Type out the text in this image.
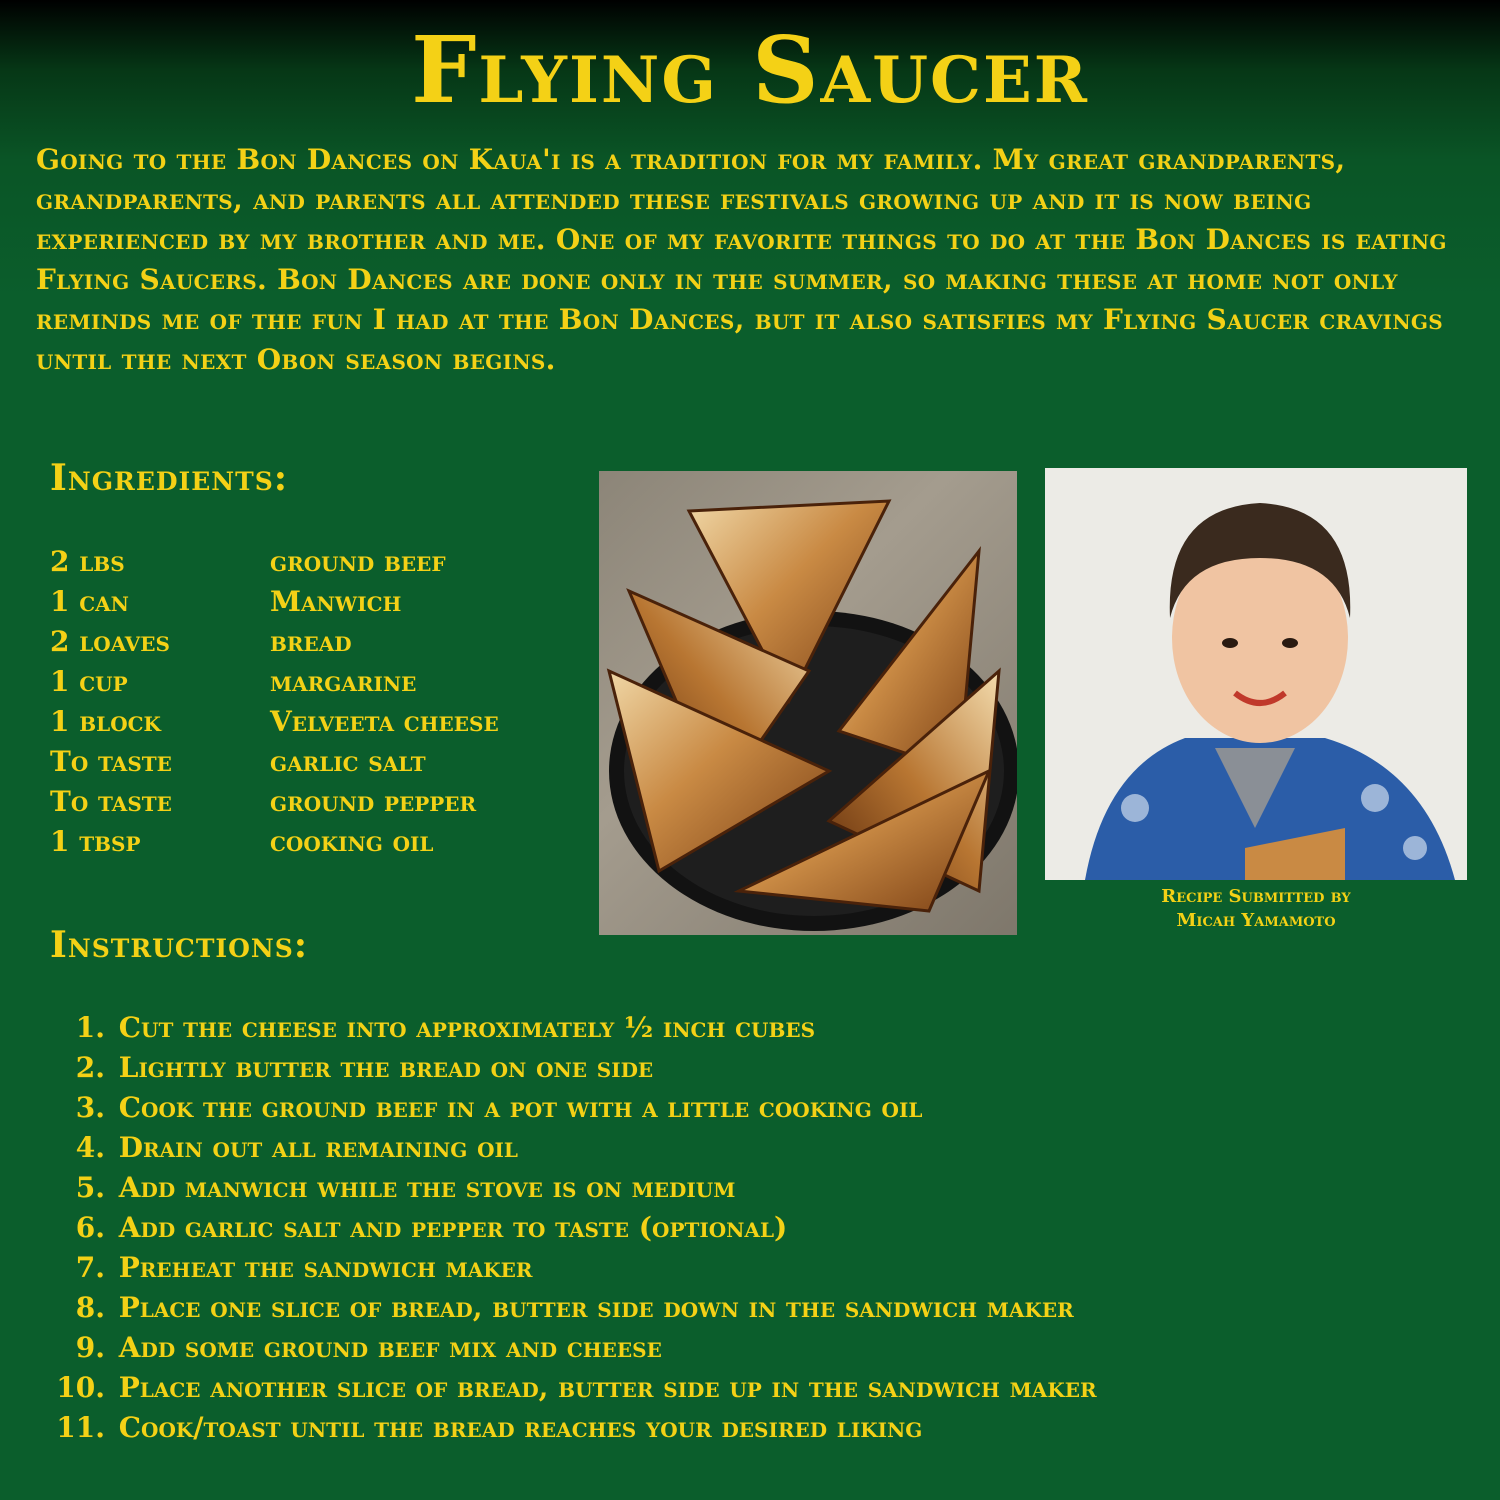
Flying Saucer
Going to the Bon Dances on Kaua'i is a tradition for my family. My great grandparents, grandparents, and parents all attended these festivals growing up and it is now being experienced by my brother and me. One of my favorite things to do at the Bon Dances is eating Flying Saucers. Bon Dances are done only in the summer, so making these at home not only reminds me of the fun I had at the Bon Dances, but it also satisfies my Flying Saucer cravings until the next Obon season begins.
Ingredients:
2 lbs	ground beef
1 can	Manwich
2 loaves	bread
1 cup	margarine
1 block	Velveeta cheese
To taste	garlic salt
To taste	ground pepper
1 tbsp	cooking oil
Recipe Submitted by
Micah Yamamoto
Instructions:
1. Cut the cheese into approximately ½ inch cubes
2. Lightly butter the bread on one side
3. Cook the ground beef in a pot with a little cooking oil
4. Drain out all remaining oil
5. Add manwich while the stove is on medium
6. Add garlic salt and pepper to taste (optional)
7. Preheat the sandwich maker
8. Place one slice of bread, butter side down in the sandwich maker
9. Add some ground beef mix and cheese
10. Place another slice of bread, butter side up in the sandwich maker
11. Cook/toast until the bread reaches your desired liking
